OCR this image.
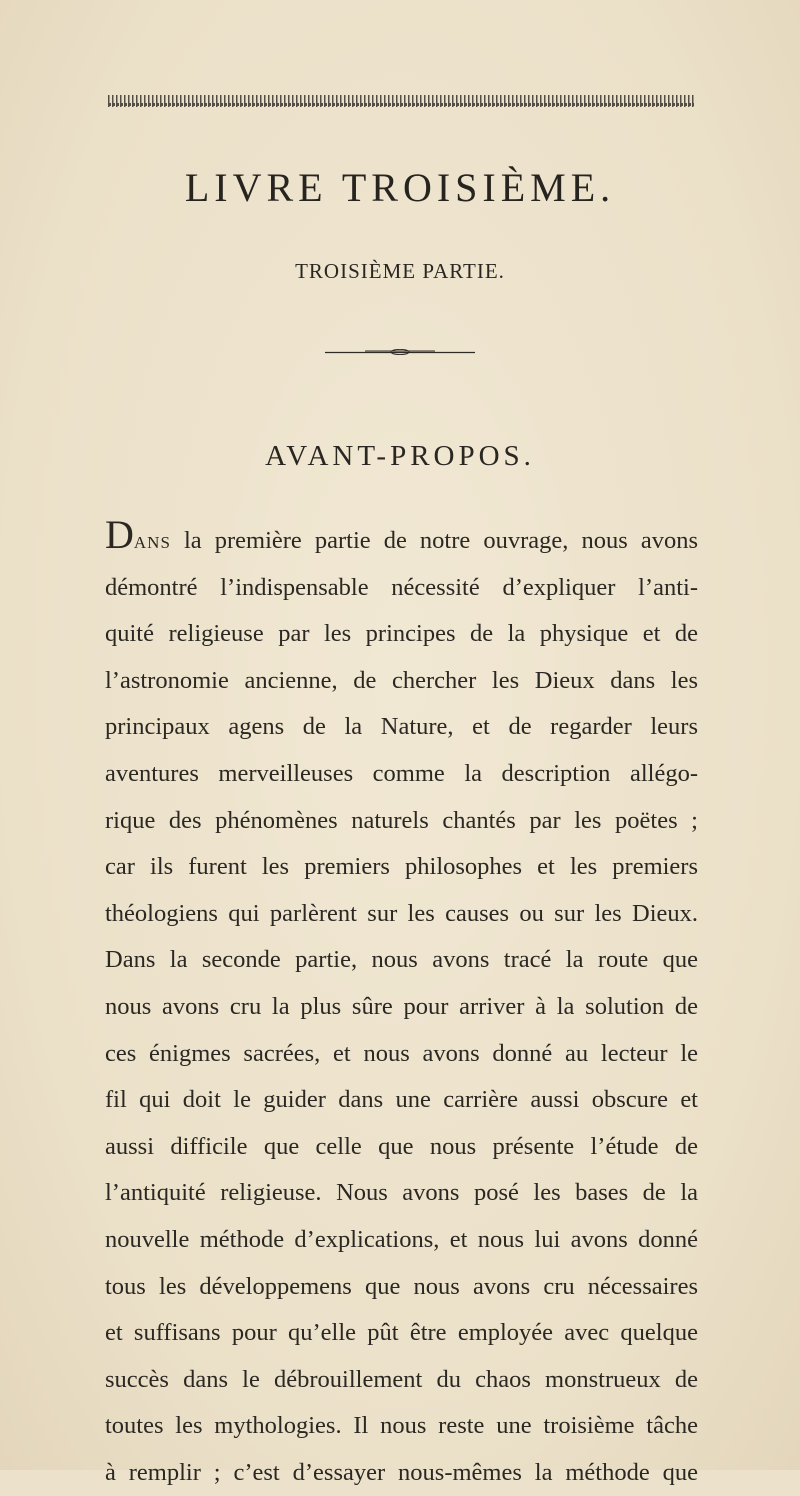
LIVRE TROISIÈME.
TROISIÈME PARTIE.
AVANT-PROPOS.
DANS la première partie de notre ouvrage, nous avons
démontré l’indispensable nécessité d’expliquer l’anti-
quité religieuse par les principes de la physique et de
l’astronomie ancienne, de chercher les Dieux dans les
principaux agens de la Nature, et de regarder leurs
aventures merveilleuses comme la description allégo-
rique des phénomènes naturels chantés par les poëtes ;
car ils furent les premiers philosophes et les premiers
théologiens qui parlèrent sur les causes ou sur les Dieux.
Dans la seconde partie, nous avons tracé la route que
nous avons cru la plus sûre pour arriver à la solution de
ces énigmes sacrées, et nous avons donné au lecteur le
fil qui doit le guider dans une carrière aussi obscure et
aussi difficile que celle que nous présente l’étude de
l’antiquité religieuse. Nous avons posé les bases de la
nouvelle méthode d’explications, et nous lui avons donné
tous les développemens que nous avons cru nécessaires
et suffisans pour qu’elle pût être employée avec quelque
succès dans le débrouillement du chaos monstrueux de
toutes les mythologies. Il nous reste une troisième tâche
à remplir ; c’est d’essayer nous-mêmes la méthode que
